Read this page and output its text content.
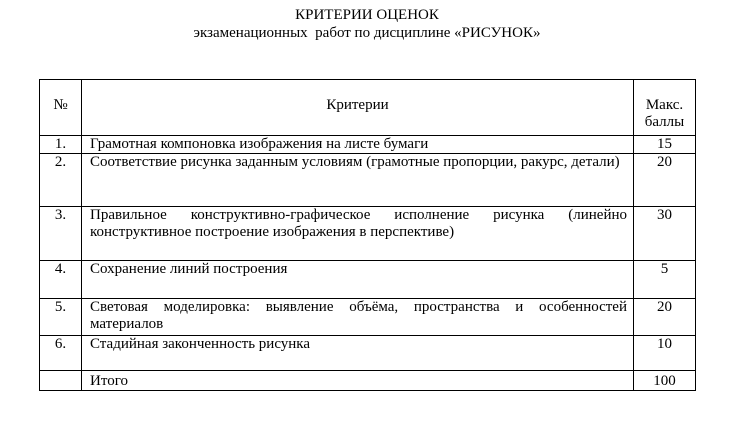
КРИТЕРИИ ОЦЕНОК
экзаменационных  работ по дисциплине «РИСУНОК»
№	Критерии	Макс. баллы
1.	Грамотная компоновка изображения на листе бумаги	15
2.	Соответствие рисунка заданным условиям (грамотные пропорции, ракурс, детали)	20
3.	Правильное конструктивно-графическое исполнение рисунка (линейно конструктивное построение изображения в перспективе)	30
4.	Сохранение линий построения	5
5.	Световая моделировка: выявление объёма, пространства и особенностей материалов	20
6.	Стадийная законченность рисунка	10
	Итого	100
